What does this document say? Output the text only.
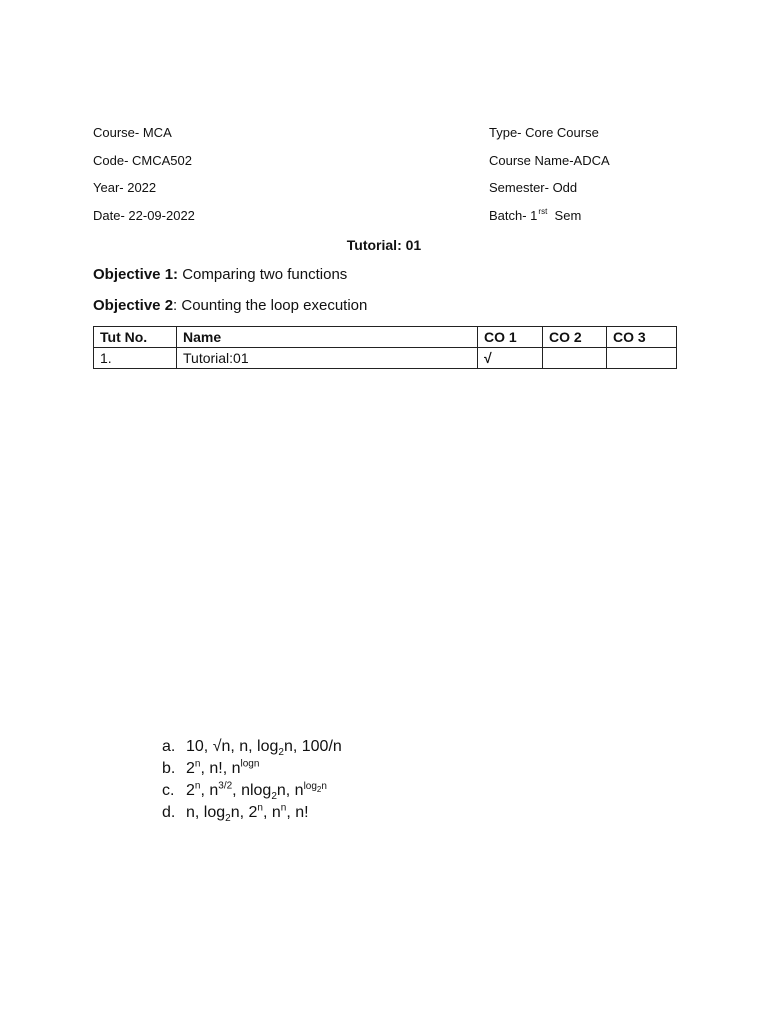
Course- MCA
Code- CMCA502
Year- 2022
Date- 22-09-2022
Type- Core Course
Course Name-ADCA
Semester- Odd
Batch- $1^{rst}$ Sem
Tutorial: 01
Objective 1: Comparing two functions
Objective 2: Counting the loop execution
Tut No.	Name	CO 1	CO 2	CO 3
1.	Tutorial:01	√		
a. 10, √n, n, $\log_2n$, 100/n
b. 2$^n$, n!, $n^{logn}$
c. 2$^n$, $n^{3/2}$, nlog$_2$n, $n^{log_2n}$
d. n, $\log_2n$, 2$^n$, $n^n$, n!
